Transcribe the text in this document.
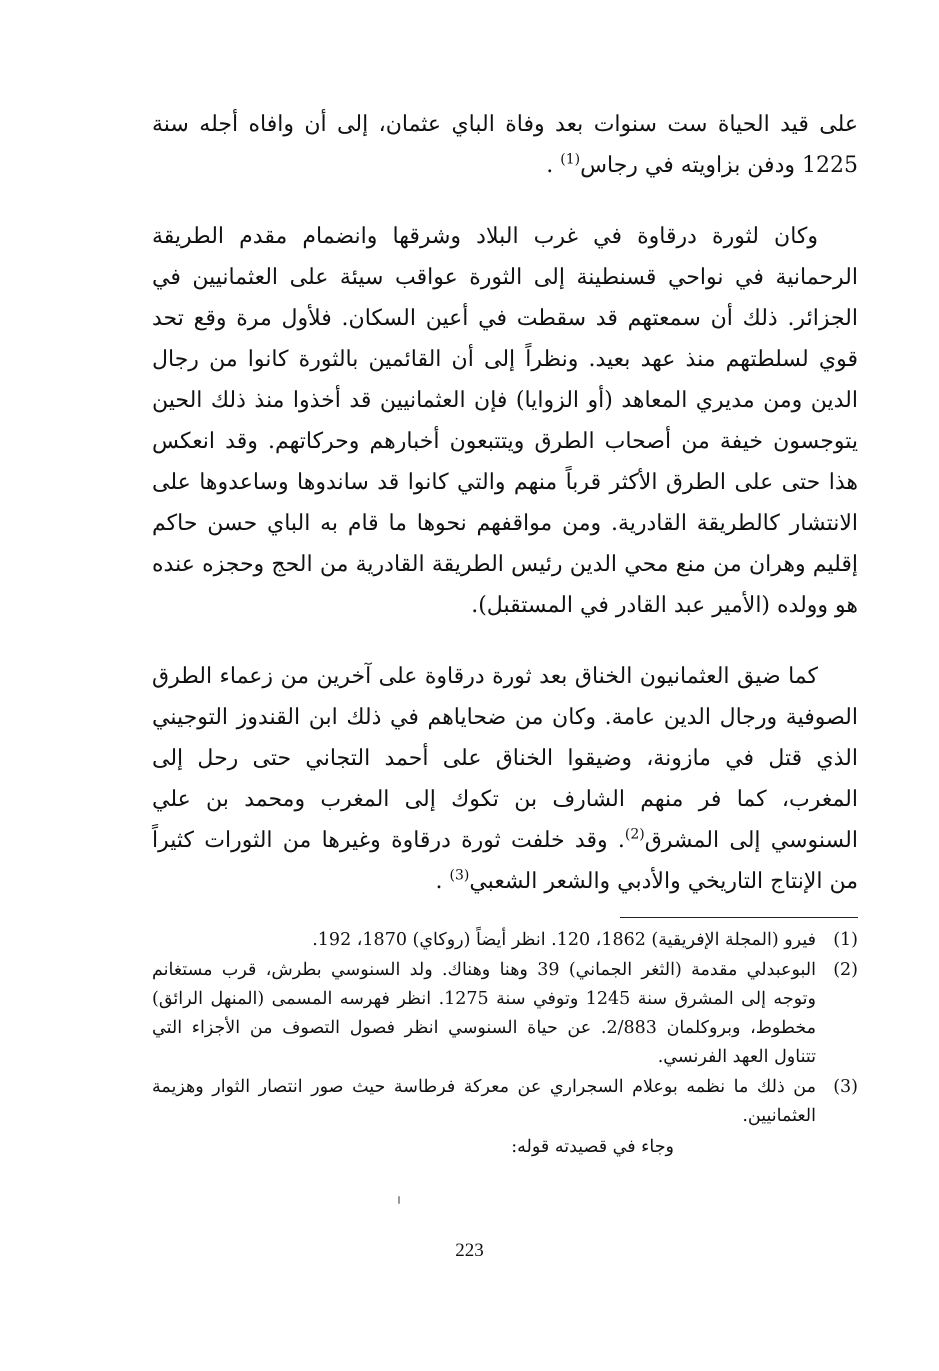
على قيد الحياة ست سنوات بعد وفاة الباي عثمان، إلى أن وافاه أجله سنة 1225 ودفن بزاويته في رجاس$^{(1)}$ .

وكان لثورة درقاوة في غرب البلاد وشرقها وانضمام مقدم الطريقة الرحمانية في نواحي قسنطينة إلى الثورة عواقب سيئة على العثمانيين في الجزائر. ذلك أن سمعتهم قد سقطت في أعين السكان. فلأول مرة وقع تحد قوي لسلطتهم منذ عهد بعيد. ونظراً إلى أن القائمين بالثورة كانوا من رجال الدين ومن مديري المعاهد (أو الزوايا) فإن العثمانيين قد أخذوا منذ ذلك الحين يتوجسون خيفة من أصحاب الطرق ويتتبعون أخبارهم وحركاتهم. وقد انعكس هذا حتى على الطرق الأكثر قرباً منهم والتي كانوا قد ساندوها وساعدوها على الانتشار كالطريقة القادرية. ومن مواقفهم نحوها ما قام به الباي حسن حاكم إقليم وهران من منع محي الدين رئيس الطريقة القادرية من الحج وحجزه عنده هو وولده (الأمير عبد القادر في المستقبل).

كما ضيق العثمانيون الخناق بعد ثورة درقاوة على آخرين من زعماء الطرق الصوفية ورجال الدين عامة. وكان من ضحاياهم في ذلك ابن القندوز التوجيني الذي قتل في مازونة، وضيقوا الخناق على أحمد التجاني حتى رحل إلى المغرب، كما فر منهم الشارف بن تكوك إلى المغرب ومحمد بن علي السنوسي إلى المشرق$^{(2)}$. وقد خلفت ثورة درقاوة وغيرها من الثورات كثيراً من الإنتاج التاريخي والأدبي والشعر الشعبي$^{(3)}$ .

(1)
فيرو (المجلة الإفريقية) 1862، 120. انظر أيضاً (روكاي) 1870، 192.
(2)
البوعبدلي مقدمة (الثغر الجماني) 39 وهنا وهناك. ولد السنوسي بطرش، قرب مستغانم وتوجه إلى المشرق سنة 1245 وتوفي سنة 1275. انظر فهرسه المسمى (المنهل الرائق) مخطوط، وبروكلمان 2/883. عن حياة السنوسي انظر فصول التصوف من الأجزاء التي تتناول العهد الفرنسي.
(3)
من ذلك ما نظمه بوعلام السجراري عن معركة فرطاسة حيث صور انتصار الثوار وهزيمة العثمانيين.
وجاء في قصيدته قوله:
223
